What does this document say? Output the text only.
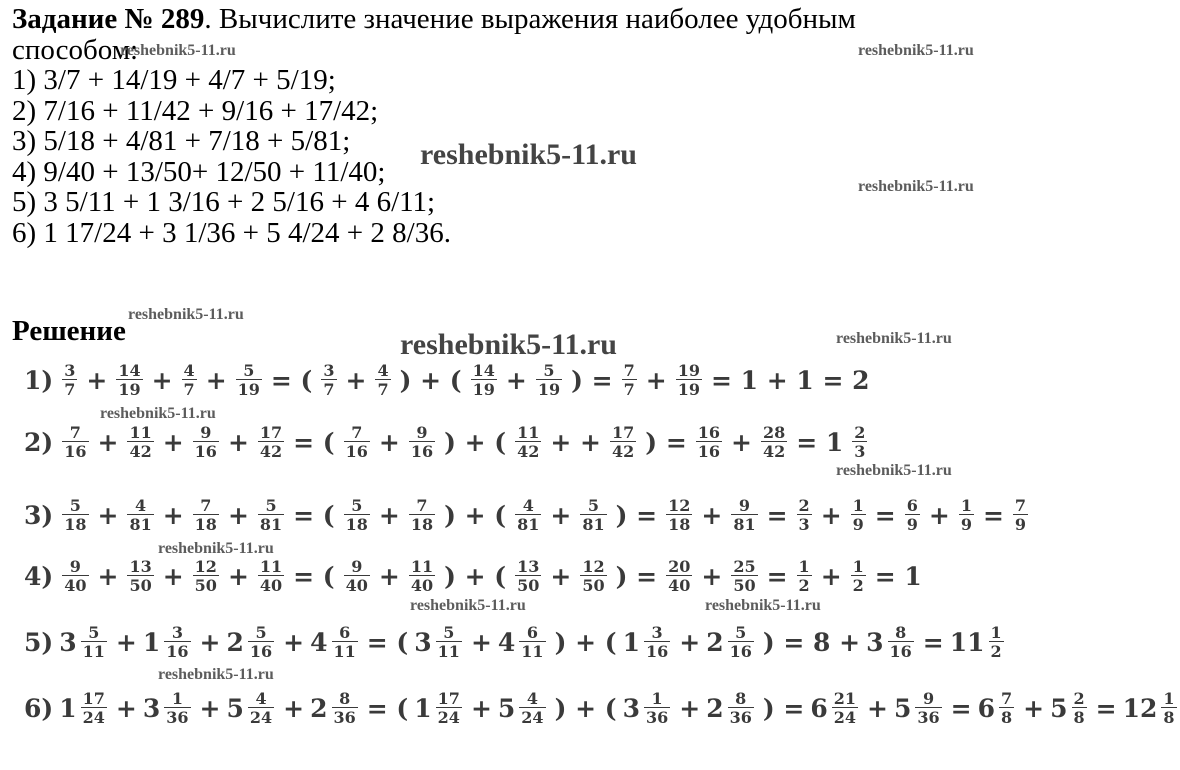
Задание № 289. Вычислите значение выражения наиболее удобным
способом:
1) 3/7 + 14/19 + 4/7 + 5/19;
2) 7/16 + 11/42 + 9/16 + 17/42;
3) 5/18 + 4/81 + 7/18 + 5/81;
4) 9/40 + 13/50+ 12/50 + 11/40;
5) 3 5/11 + 1 3/16 + 2 5/16 + 4 6/11;
6) 1 17/24 + 3 1/36 + 5 4/24 + 2 8/36.
Решение
$1) \frac{3}{7} + \frac{14}{19} + \frac{4}{7} + \frac{5}{19}$ = ( $\frac{3}{7} + \frac{4}{7}$ ) + ( $\frac{14}{19} + \frac{5}{19}$ ) = $\frac{7}{7} + \frac{19}{19} = 1 + 1 = 2$
$2) \frac{7}{16} + \frac{11}{42} + \frac{9}{16} + \frac{17}{42}$ = ( $\frac{7}{16} + \frac{9}{16}$ ) + ( $\frac{11}{42}$ + + $\frac{17}{42}$ ) = $\frac{16}{16} + \frac{28}{42} = 1 \frac{2}{3}$
$3) \frac{5}{18} + \frac{4}{81} + \frac{7}{18} + \frac{5}{81}$ = ( $\frac{5}{18} + \frac{7}{18}$ ) + ( $\frac{4}{81} + \frac{5}{81}$ ) = $\frac{12}{18} + \frac{9}{81} = \frac{2}{3} + \frac{1}{9} = \frac{6}{9} + \frac{1}{9} = \frac{7}{9}$
$4) \frac{9}{40} + \frac{13}{50} + \frac{12}{50} + \frac{11}{40}$ = ( $\frac{9}{40} + \frac{11}{40}$ ) + ( $\frac{13}{50} + \frac{12}{50}$ ) = $\frac{20}{40} + \frac{25}{50} = \frac{1}{2} + \frac{1}{2} = 1$
5) $3 \frac{5}{11} + 1 \frac{3}{16} + 2 \frac{5}{16} + 4 \frac{6}{11}$ = ( $3 \frac{5}{11} + 4 \frac{6}{11}$ ) + ( $1 \frac{3}{16} + 2 \frac{5}{16}$ ) = $8 + 3 \frac{8}{16} = 11 \frac{1}{2}$
6) $1 \frac{17}{24} + 3 \frac{1}{36} + 5 \frac{4}{24} + 2 \frac{8}{36}$ = ( $1 \frac{17}{24} + 5 \frac{4}{24}$ ) + ( $3 \frac{1}{36} + 2 \frac{8}{36}$ ) = $6 \frac{21}{24} + 5 \frac{9}{36} = 6 \frac{7}{8} + 5 \frac{2}{8} = 12 \frac{1}{8}$
reshebnik5-11.ru	reshebnik5-11.ru
reshebnik5-11.ru
reshebnik5-11.ru
reshebnik5-11.ru
reshebnik5-11.ru	reshebnik5-11.ru
reshebnik5-11.ru
reshebnik5-11.ru
reshebnik5-11.ru
reshebnik5-11.ru	reshebnik5-11.ru
reshebnik5-11.ru
